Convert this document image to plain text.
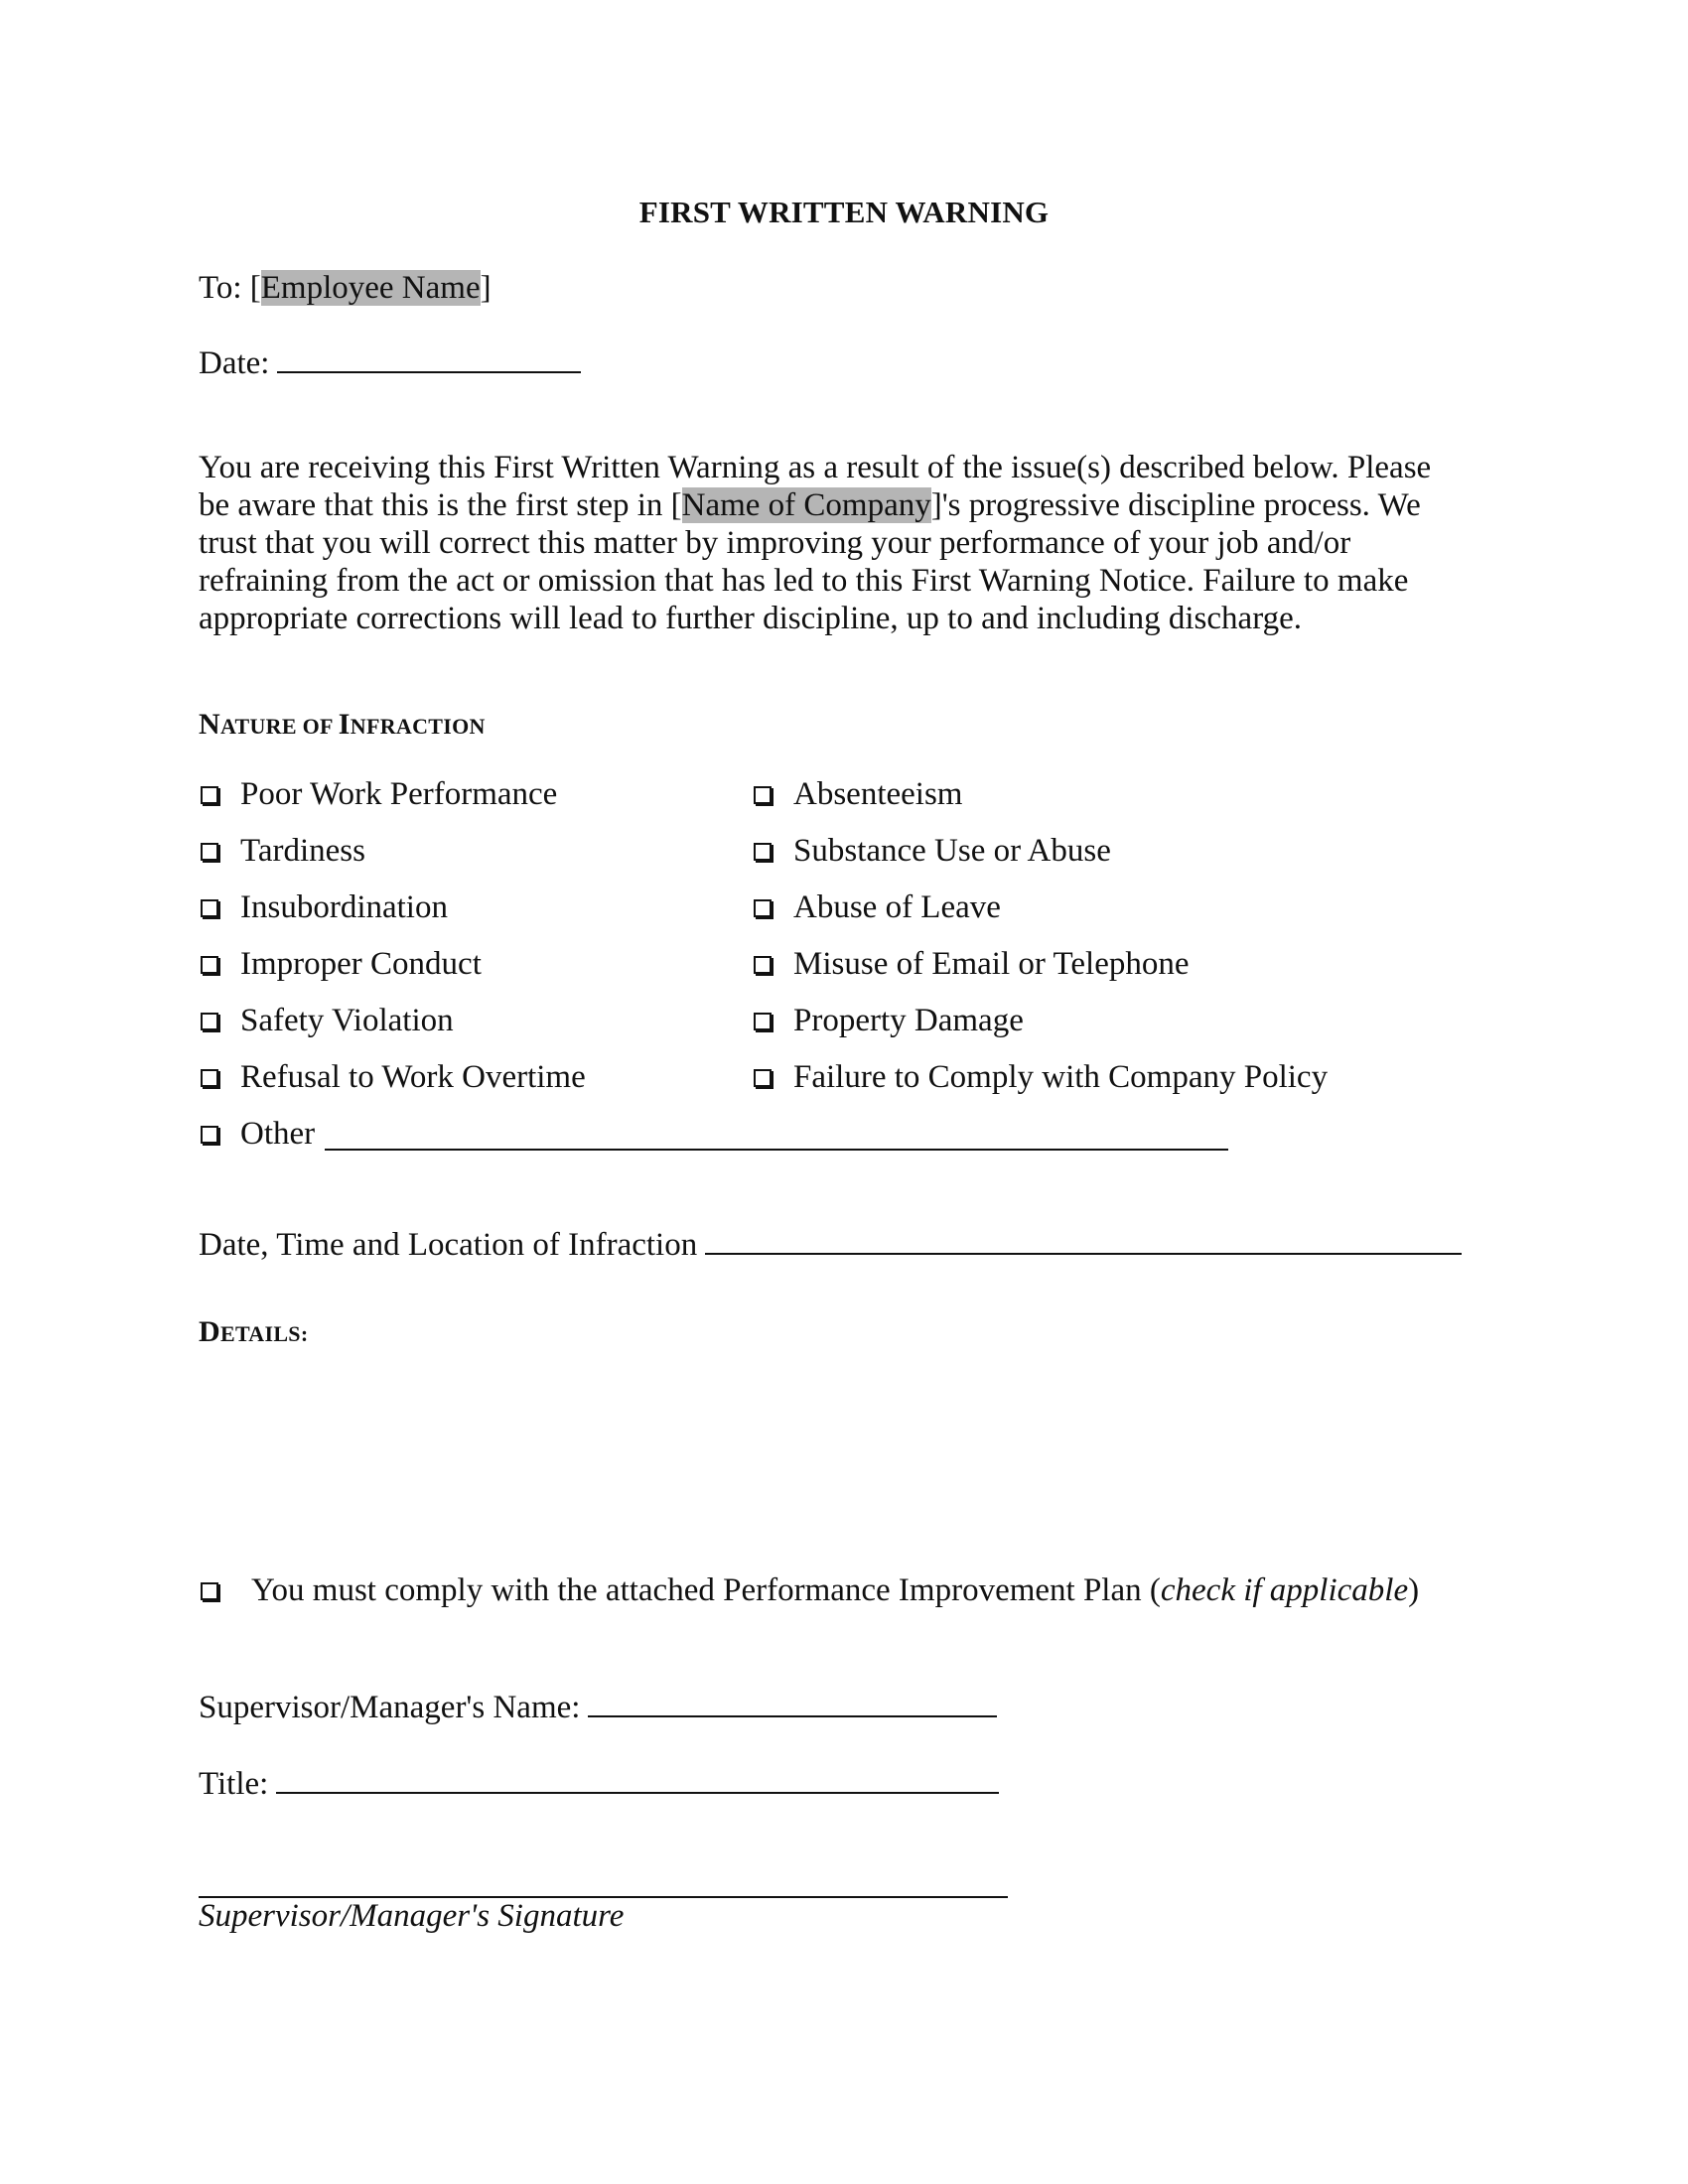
FIRST WRITTEN WARNING
To: [Employee Name]
Date:

You are receiving this First Written Warning as a result of the issue(s) described below. Please

be aware that this is the first step in [Name of Company]'s progressive discipline process. We

trust that you will correct this matter by improving your performance of your job and/or

refraining from the act or omission that has led to this First Warning Notice. Failure to make

appropriate corrections will lead to further discipline, up to and including discharge.

NATURE OF INFRACTION
Poor Work Performance
Tardiness
Insubordination
Improper Conduct
Safety Violation
Refusal to Work Overtime
Absenteeism
Substance Use or Abuse
Abuse of Leave
Misuse of Email or Telephone
Property Damage
Failure to Comply with Company Policy
Other
Date, Time and Location of Infraction
DETAILS:
You must comply with the attached Performance Improvement Plan ( check if applicable )
Supervisor/Manager's Name:
Title:
Supervisor/Manager's Signature
